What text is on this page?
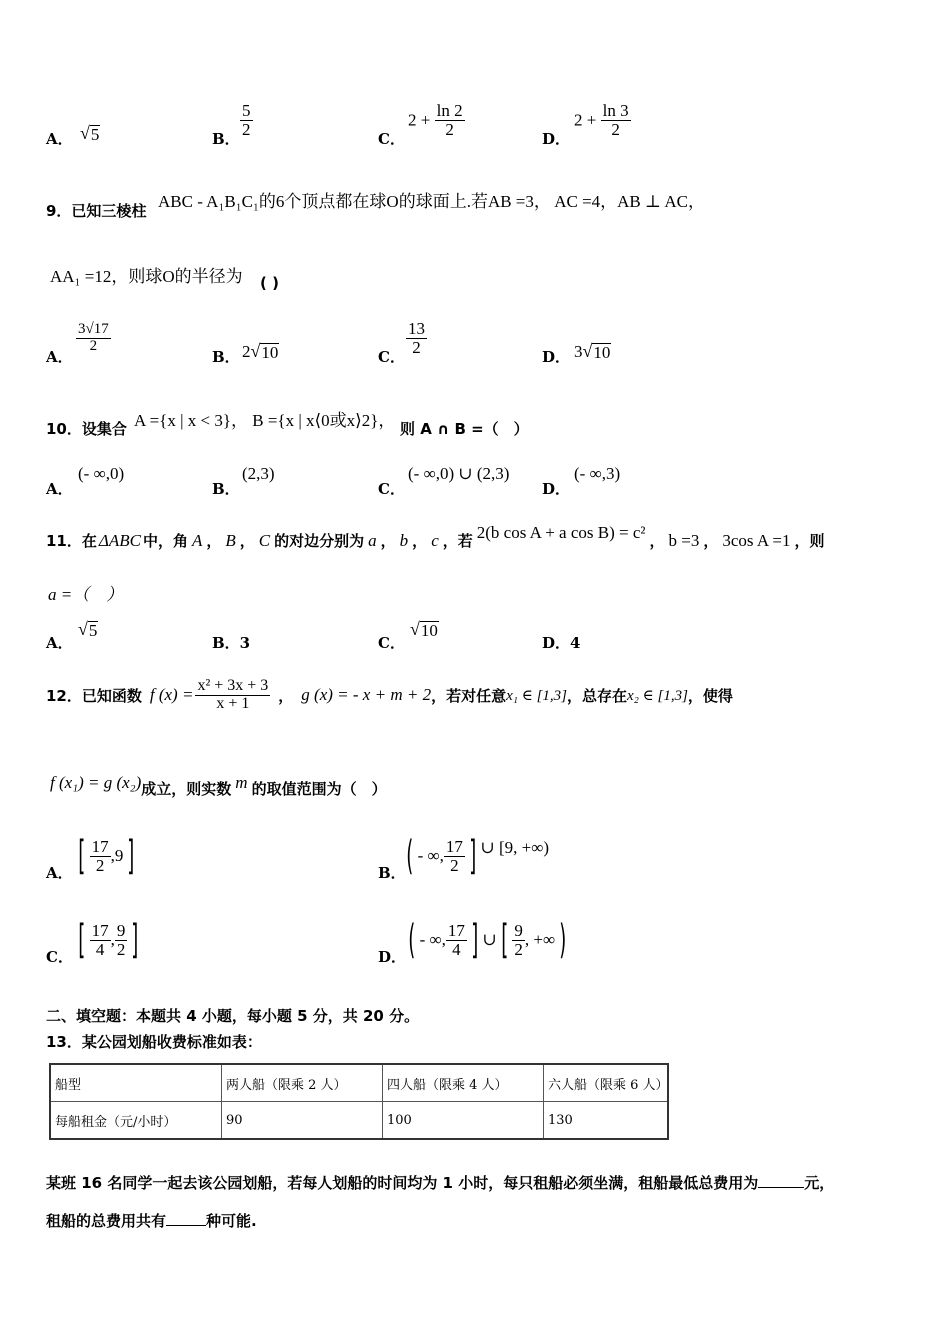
A． √ 5	B．
$\frac{5}{2}$
C．
$2 + \frac{\ln 2}{2}$
D．
$2 + \frac{\ln 3}{2}$
9．已知三棱柱 ABC - A₁B₁C₁的6个顶点都在球O的球面上.若AB =3， AC =4，AB ⊥ AC，
AA₁ =12，则球O的半径为 ( )
A．
$\frac{3√17}{2}$
B． 2 √ 10	C．
$\frac{13}{2}$
D． 3 √ 10
10．设集合 A ={x | x < 3}， B ={x | x⟨0或x⟩2}， 则 A ∩ B =（　）
A．
(- ∞,0)
B．
(2,3)
C．
(- ∞,0) ∪ (2,3)
D．
(- ∞,3)
11．在 ΔABC 中，角 A ， B ， C 的对边分别为 a ， b ， c ，若 2(b cos A + a cos B) = c² ， b =3 ， 3cos A =1 ，则
a =（　）
A．
√ 5
B．3	C．
√ 10
D．4
12．已知函数 f $(x) = \frac{\text{x² + 3x + 3}}{x + 1}$ ， g (x) = - x + m + 2 ，若对任意 x₁ ∈ [1,3] ，总存在 x₂ ∈ [1,3] ，使得
f (x₁) = g (x₂) 成立，则实数 m 的取值范围为（　）
A． [ $\frac{17}{2} ,9$ ]	B． ( - ∞, $\frac{17}{2}$ ] ∪ [9, +∞)
C． [ $\frac{17}{4}$ , $\frac{9}{2}$ ]	D． ( - ∞, $\frac{17}{4}$ ] ∪ [ $\frac{9}{2}$ , +∞ )
二、填空题：本题共 4 小题，每小题 5 分，共 20 分。
13．某公园划船收费标准如表：
船型	两人船（限乘 2 人）	四人船（限乘 4 人）	六人船（限乘 6 人）
每船租金（元/小时）	90	100	130
某班 16 名同学一起去该公园划船，若每人划船的时间均为 1 小时，每只租船必须坐满，租船最低总费用为	元，
租船的总费用共有	种可能.
